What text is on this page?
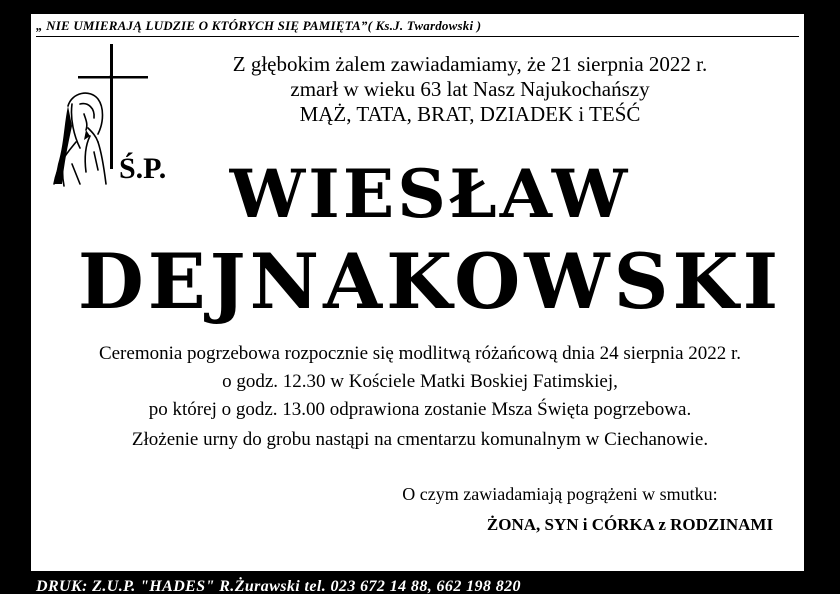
„ NIE UMIERAJĄ LUDZIE O KTÓRYCH SIĘ PAMIĘTA”( Ks.J. Twardowski )
Z głębokim żalem zawiadamiamy, że 21 sierpnia 2022 r.
zmarł w wieku 63 lat Nasz Najukochańszy
MĄŻ, TATA, BRAT, DZIADEK i TEŚĆ
Ś.P. WIESŁAW
DEJNAKOWSKI
Ceremonia pogrzebowa rozpocznie się modlitwą różańcową dnia 24 sierpnia 2022 r.
o godz. 12.30 w Kościele Matki Boskiej Fatimskiej,
po której o godz. 13.00 odprawiona zostanie Msza Święta pogrzebowa.
Złożenie urny do grobu nastąpi na cmentarzu komunalnym w Ciechanowie.
O czym zawiadamiają pogrążeni w smutku:
ŻONA, SYN i CÓRKA z RODZINAMI
DRUK: Z.U.P. "HADES" R.Żurawski tel. 023 672 14 88, 662 198 820
